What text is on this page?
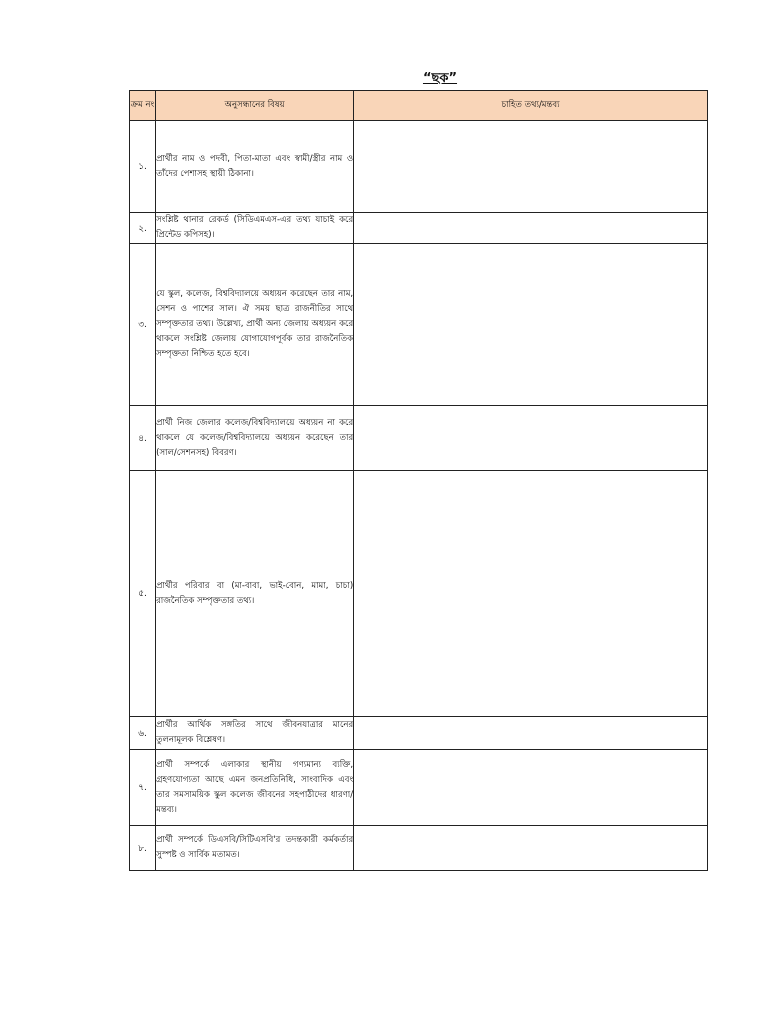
“ছক”
ক্রম নং	অনুসন্ধানের বিষয়	চাহিত তথ্য/মন্তব্য
১.	প্রার্থীর নাম ও পদবী, পিতা-মাতা এবং স্বামী/স্ত্রীর নাম ও তাঁদের পেশাসহ স্থায়ী ঠিকানা।	
২.	সংশ্লিষ্ট থানার রেকর্ড (সিডিএমএস-এর তথ্য যাচাই করে প্রিন্টেড কপিসহ)।	
৩.	যে স্কুল, কলেজ, বিশ্ববিদ্যালয়ে অধ্যয়ন করেছেন তার নাম, সেশন ও পাশের সাল। ঐ সময় ছাত্র রাজনীতির সাথে সম্পৃক্ততার তথ্য। উল্লেখ্য, প্রার্থী অন্য জেলায় অধ্যয়ন করে থাকলে সংশ্লিষ্ট জেলায় যোগাযোগপূর্বক তার রাজনৈতিক সম্পৃক্ততা নিশ্চিত হতে হবে।	
৪.	প্রার্থী নিজ জেলার কলেজ/বিশ্ববিদ্যালয়ে অধ্যয়ন না করে থাকলে যে কলেজ/বিশ্ববিদ্যালয়ে অধ্যয়ন করেছেন তার (সাল/সেশনসহ) বিবরণ।	
৫.	প্রার্থীর পরিবার বা (মা-বাবা, ভাই-বোন, মামা, চাচা) রাজনৈতিক সম্পৃক্ততার তথ্য।	
৬.	প্রার্থীর আর্থিক সঙ্গতির সাথে জীবনযাত্রার মানের তুলনামূলক বিশ্লেষণ।	
৭.	প্রার্থী সম্পর্কে এলাকার স্থানীয় গণ্যমান্য ব্যক্তি, গ্রহণযোগ্যতা আছে এমন জনপ্রতিনিধি, সাংবাদিক এবং তার সমসাময়িক স্কুল কলেজ জীবনের সহপাঠীদের ধারণা/মন্তব্য।	
৮.	প্রার্থী সম্পর্কে ডিএসবি/সিটিএসবি'র তদন্তকারী কর্মকর্তার সুস্পষ্ট ও সার্বিক মতামত।	
